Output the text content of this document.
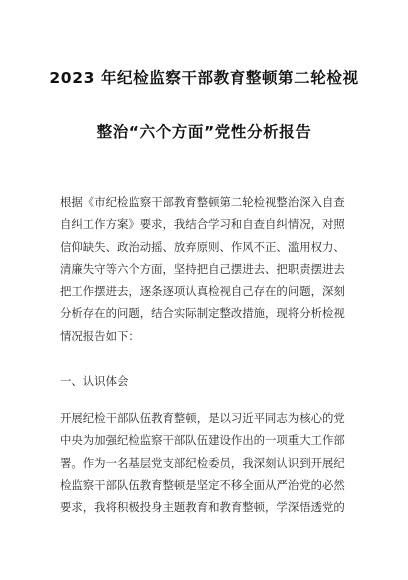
2023 年纪检监察干部教育整顿第二轮检视
整治“六个方面”党性分析报告
根据《市纪检监察干部教育整顿第二轮检视整治深入自查
自纠工作方案》要求，我结合学习和自查自纠情况，对照
信仰缺失、政治动摇、放弃原则、作风不正、滥用权力、
清廉失守等六个方面，坚持把自己摆进去、把职责摆进去
把工作摆进去，逐条逐项认真检视自己存在的问题，深刻
分析存在的问题，结合实际制定整改措施，现将分析检视
情况报告如下：
一、认识体会
开展纪检干部队伍教育整顿，是以习近平同志为核心的党
中央为加强纪检监察干部队伍建设作出的一项重大工作部
署。作为一名基层党支部纪检委员，我深刻认识到开展纪
检监察干部队伍教育整顿是坚定不移全面从严治党的必然
要求，我将积极投身主题教育和教育整顿，学深悟透党的
